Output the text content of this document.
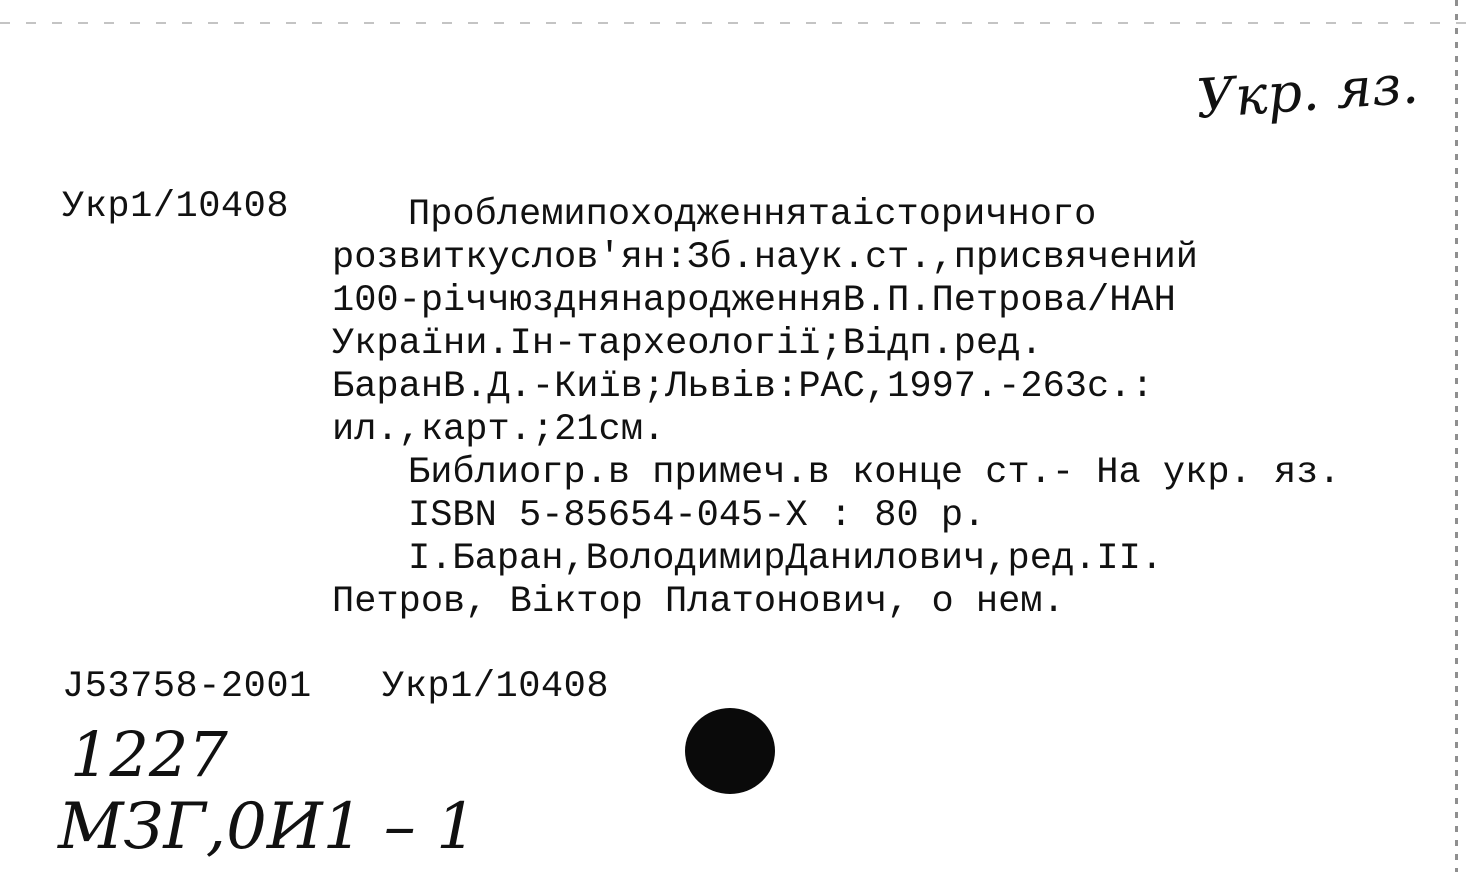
Укр. яз.
Укр1/10408	Проблемипоходженнятаісторичного
розвиткуслов'ян:Зб.наук.ст.,присвячений
100-річчюзднянародженняВ.П.Петрова/НАН
України.Ін-тархеології;Відп.ред.
БаранВ.Д.-Київ;Львів:РАС,1997.-263с.:
ил.,карт.;21см.
Библиогр.в примеч.в конце ст.- На укр. яз.
ISBN 5-85654-045-X : 80 р.
I.Баран,ВолодимирДанилович,ред.II.
Петров, Віктор Платонович, о нем.
J53758-2001 Укр1/10408
1227
МЗГ,0И1 – 1
